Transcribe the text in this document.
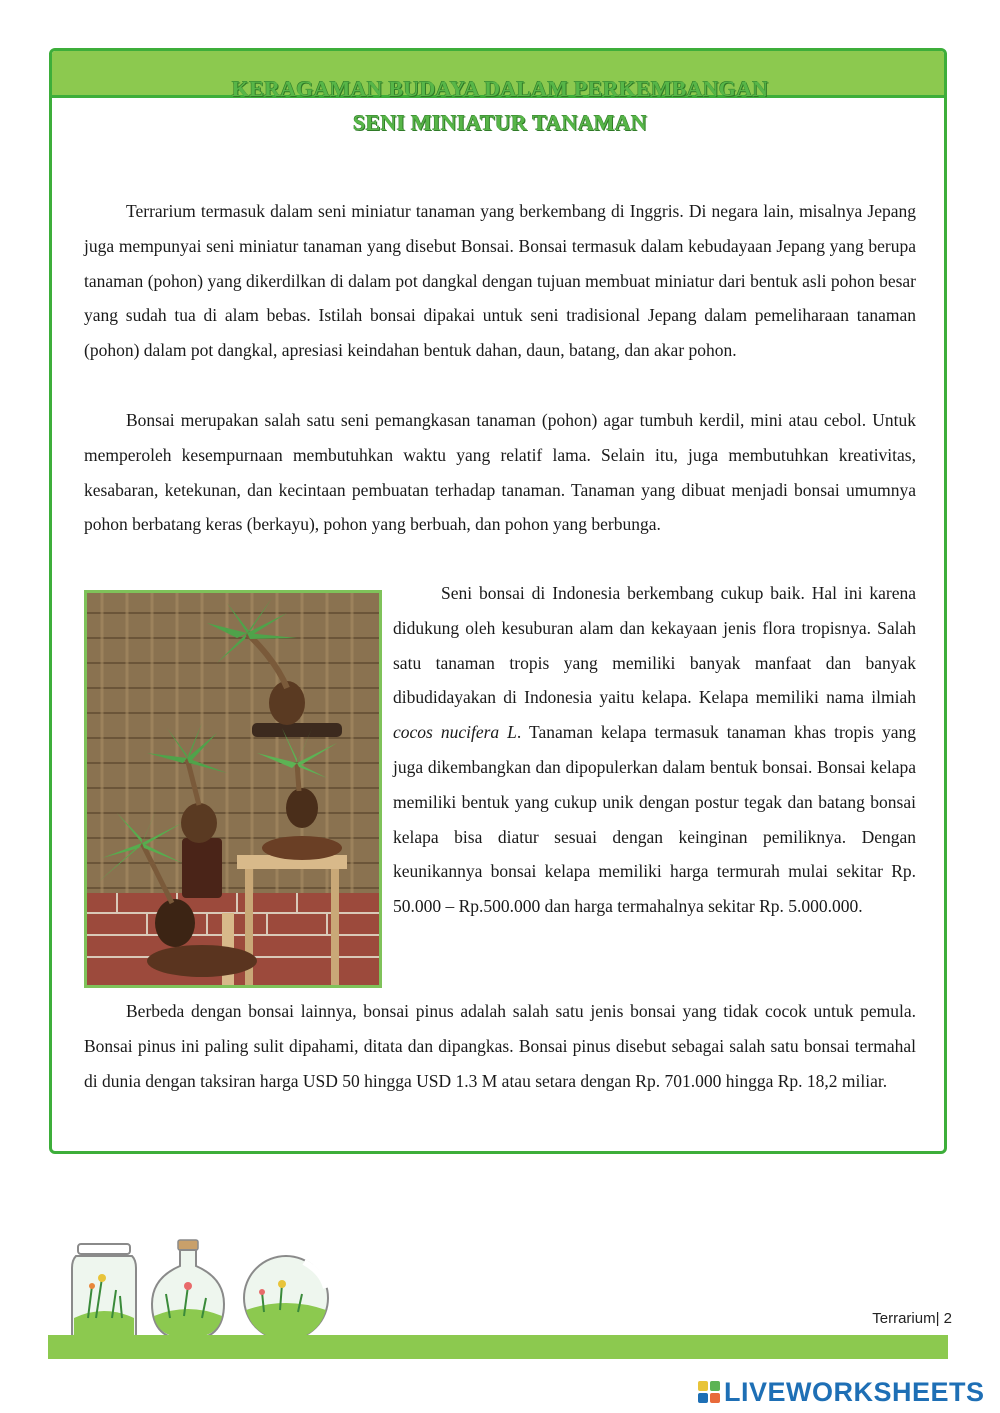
KERAGAMAN BUDAYA DALAM PERKEMBANGAN
SENI MINIATUR TANAMAN

Terrarium termasuk dalam seni miniatur tanaman yang berkembang di Inggris. Di negara lain, misalnya Jepang juga mempunyai seni miniatur tanaman yang disebut Bonsai. Bonsai termasuk dalam kebudayaan Jepang yang berupa tanaman (pohon) yang dikerdilkan di dalam pot dangkal dengan tujuan membuat miniatur dari bentuk asli pohon besar yang sudah tua di alam bebas. Istilah bonsai dipakai untuk seni tradisional Jepang dalam pemeliharaan tanaman (pohon) dalam pot dangkal, apresiasi keindahan bentuk dahan, daun, batang, dan akar pohon.

Bonsai merupakan salah satu seni pemangkasan tanaman (pohon) agar tumbuh kerdil, mini atau cebol. Untuk memperoleh kesempurnaan membutuhkan waktu yang relatif lama. Selain itu, juga membutuhkan kreativitas, kesabaran, ketekunan, dan kecintaan pembuatan terhadap tanaman. Tanaman yang dibuat menjadi bonsai umumnya pohon berbatang keras (berkayu), pohon yang berbuah, dan pohon yang berbunga.

Seni bonsai di Indonesia berkembang cukup baik. Hal ini karena didukung oleh kesuburan alam dan kekayaan jenis flora tropisnya. Salah satu tanaman tropis yang memiliki banyak manfaat dan banyak dibudidayakan di Indonesia yaitu kelapa. Kelapa memiliki nama ilmiah cocos nucifera L. Tanaman kelapa termasuk tanaman khas tropis yang juga dikembangkan dan dipopulerkan dalam bentuk bonsai. Bonsai kelapa memiliki bentuk yang cukup unik dengan postur tegak dan batang bonsai kelapa bisa diatur sesuai dengan keinginan pemiliknya. Dengan keunikannya bonsai kelapa memiliki harga termurah mulai sekitar Rp. 50.000 – Rp.500.000 dan harga termahalnya sekitar Rp. 5.000.000.

Berbeda dengan bonsai lainnya, bonsai pinus adalah salah satu jenis bonsai yang tidak cocok untuk pemula. Bonsai pinus ini paling sulit dipahami, ditata dan dipangkas. Bonsai pinus disebut sebagai salah satu bonsai termahal di dunia dengan taksiran harga USD 50 hingga USD 1.3 M atau setara dengan Rp. 701.000 hingga Rp. 18,2 miliar.

Terrarium| 2
LIVEWORKSHEETS
